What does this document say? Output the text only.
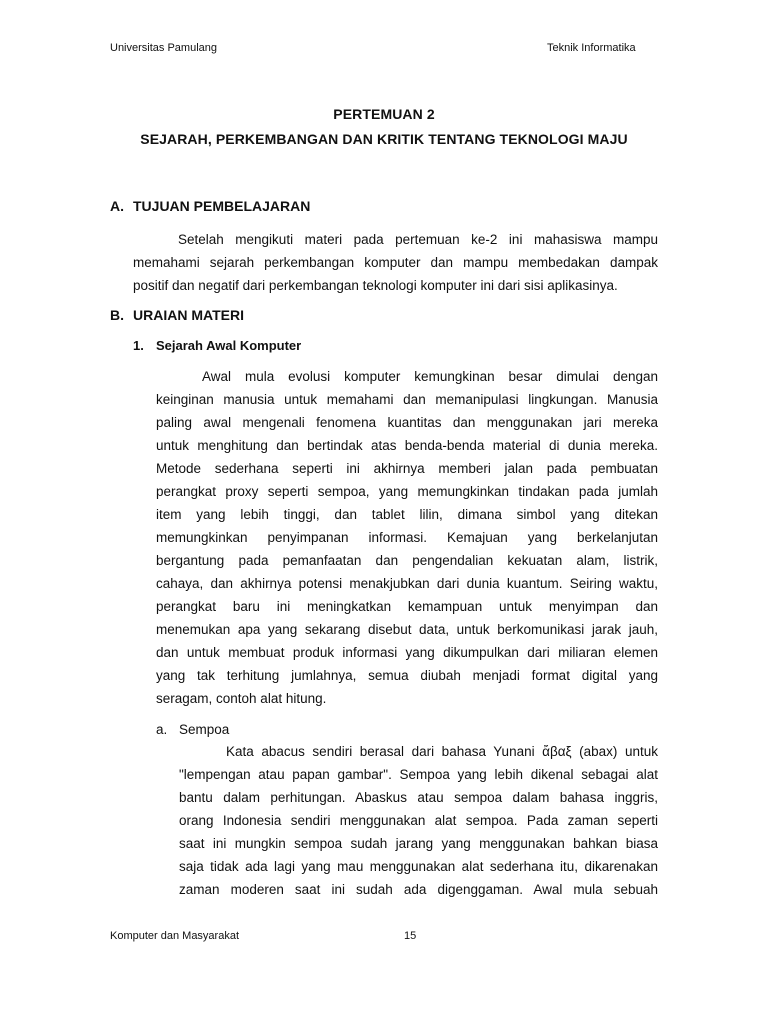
Universitas Pamulang	Teknik Informatika
PERTEMUAN 2
SEJARAH, PERKEMBANGAN DAN KRITIK TENTANG TEKNOLOGI MAJU
A. TUJUAN PEMBELAJARAN
Setelah mengikuti materi pada pertemuan ke-2 ini mahasiswa mampu
memahami sejarah perkembangan komputer dan mampu membedakan dampak
positif dan negatif dari perkembangan teknologi komputer ini dari sisi aplikasinya.
B. URAIAN MATERI
1. Sejarah Awal Komputer
Awal mula evolusi komputer kemungkinan besar dimulai dengan
keinginan manusia untuk memahami dan memanipulasi lingkungan. Manusia
paling awal mengenali fenomena kuantitas dan menggunakan jari mereka
untuk menghitung dan bertindak atas benda-benda material di dunia mereka.
Metode sederhana seperti ini akhirnya memberi jalan pada pembuatan
perangkat proxy seperti sempoa, yang memungkinkan tindakan pada jumlah
item yang lebih tinggi, dan tablet lilin, dimana simbol yang ditekan
memungkinkan penyimpanan informasi. Kemajuan yang berkelanjutan
bergantung pada pemanfaatan dan pengendalian kekuatan alam, listrik,
cahaya, dan akhirnya potensi menakjubkan dari dunia kuantum. Seiring waktu,
perangkat baru ini meningkatkan kemampuan untuk menyimpan dan
menemukan apa yang sekarang disebut data, untuk berkomunikasi jarak jauh,
dan untuk membuat produk informasi yang dikumpulkan dari miliaran elemen
yang tak terhitung jumlahnya, semua diubah menjadi format digital yang
seragam, contoh alat hitung.
a. Sempoa
Kata abacus sendiri berasal dari bahasa Yunani ἄβαξ (abax) untuk
"lempengan atau papan gambar". Sempoa yang lebih dikenal sebagai alat
bantu dalam perhitungan. Abaskus atau sempoa dalam bahasa inggris,
orang Indonesia sendiri menggunakan alat sempoa. Pada zaman seperti
saat ini mungkin sempoa sudah jarang yang menggunakan bahkan biasa
saja tidak ada lagi yang mau menggunakan alat sederhana itu, dikarenakan
zaman moderen saat ini sudah ada digenggaman. Awal mula sebuah
Komputer dan Masyarakat	15
